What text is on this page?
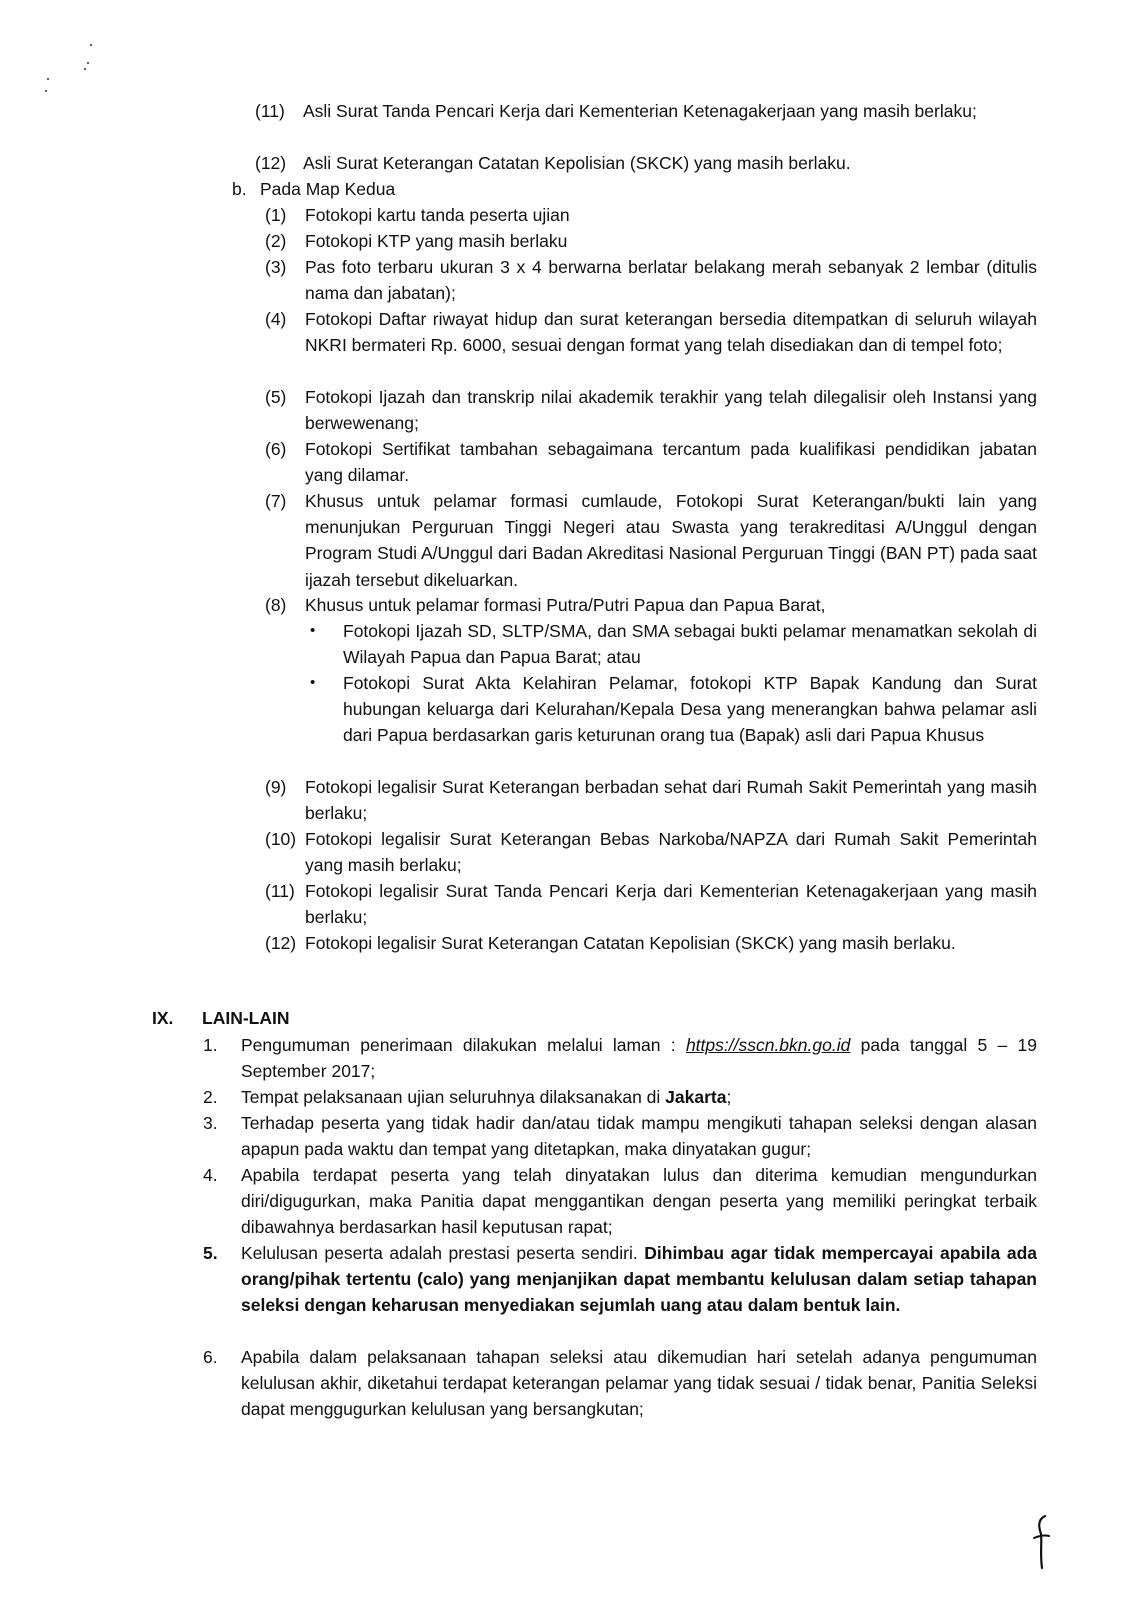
(11)	Asli Surat Tanda Pencari Kerja dari Kementerian Ketenagakerjaan yang masih berlaku;
(12) Asli Surat Keterangan Catatan Kepolisian (SKCK) yang masih berlaku.
b. Pada Map Kedua
(1)	Fotokopi kartu tanda peserta ujian
(2)	Fotokopi KTP yang masih berlaku
(3)	Pas foto terbaru ukuran 3 x 4 berwarna berlatar belakang merah sebanyak 2 lembar (ditulis nama dan jabatan);
(4)	Fotokopi Daftar riwayat hidup dan surat keterangan bersedia ditempatkan di seluruh wilayah NKRI bermateri Rp. 6000, sesuai dengan format yang telah disediakan dan di tempel foto;
(5)	Fotokopi Ijazah dan transkrip nilai akademik terakhir yang telah dilegalisir oleh Instansi yang berwewenang;
(6)	Fotokopi Sertifikat tambahan sebagaimana tercantum pada kualifikasi pendidikan jabatan yang dilamar.
(7)	Khusus untuk pelamar formasi cumlaude, Fotokopi Surat Keterangan/bukti lain yang menunjukan Perguruan Tinggi Negeri atau Swasta yang terakreditasi A/Unggul dengan Program Studi A/Unggul dari Badan Akreditasi Nasional Perguruan Tinggi (BAN PT) pada saat ijazah tersebut dikeluarkan.
(8)	Khusus untuk pelamar formasi Putra/Putri Papua dan Papua Barat,
•	Fotokopi Ijazah SD, SLTP/SMA, dan SMA sebagai bukti pelamar menamatkan sekolah di Wilayah Papua dan Papua Barat; atau
•	Fotokopi Surat Akta Kelahiran Pelamar, fotokopi KTP Bapak Kandung dan Surat hubungan keluarga dari Kelurahan/Kepala Desa yang menerangkan bahwa pelamar asli dari Papua berdasarkan garis keturunan orang tua (Bapak) asli dari Papua Khusus
(9)	Fotokopi legalisir Surat Keterangan berbadan sehat dari Rumah Sakit Pemerintah yang masih berlaku;
(10) Fotokopi legalisir Surat Keterangan Bebas Narkoba/NAPZA dari Rumah Sakit Pemerintah yang masih berlaku;
(11) Fotokopi legalisir Surat Tanda Pencari Kerja dari Kementerian Ketenagakerjaan yang masih berlaku;
(12) Fotokopi legalisir Surat Keterangan Catatan Kepolisian (SKCK) yang masih berlaku.
IX.	LAIN-LAIN
1.	Pengumuman penerimaan dilakukan melalui laman : https://sscn.bkn.go.id pada tanggal 5 – 19 September 2017;
2.	Tempat pelaksanaan ujian seluruhnya dilaksanakan di Jakarta;
3.	Terhadap peserta yang tidak hadir dan/atau tidak mampu mengikuti tahapan seleksi dengan alasan apapun pada waktu dan tempat yang ditetapkan, maka dinyatakan gugur;
4.	Apabila terdapat peserta yang telah dinyatakan lulus dan diterima kemudian mengundurkan diri/digugurkan, maka Panitia dapat menggantikan dengan peserta yang memiliki peringkat terbaik dibawahnya berdasarkan hasil keputusan rapat;
5.	Kelulusan peserta adalah prestasi peserta sendiri. Dihimbau agar tidak mempercayai apabila ada orang/pihak tertentu (calo) yang menjanjikan dapat membantu kelulusan dalam setiap tahapan seleksi dengan keharusan menyediakan sejumlah uang atau dalam bentuk lain.
6.	Apabila dalam pelaksanaan tahapan seleksi atau dikemudian hari setelah adanya pengumuman kelulusan akhir, diketahui terdapat keterangan pelamar yang tidak sesuai / tidak benar, Panitia Seleksi dapat menggugurkan kelulusan yang bersangkutan;
